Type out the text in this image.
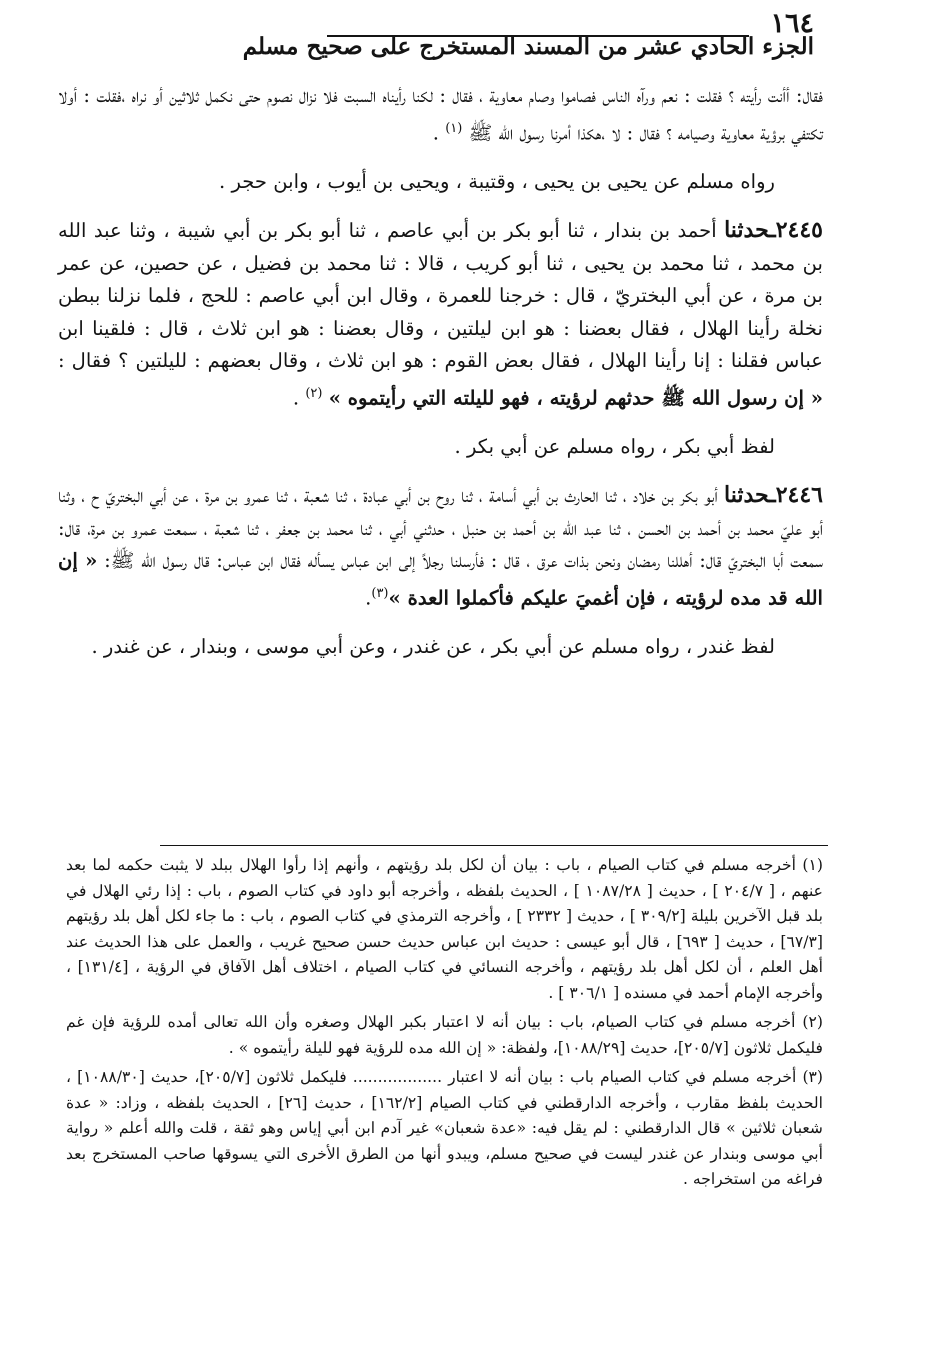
١٦٤
الجزء الحادي عشر من المسند المستخرج على صحيح مسلم

فقال: أأنت رأيته ؟ فقلت : نعم ورآه الناس فصاموا وصام معاوية ، فقال : لكنا رأيناه السبت فلا نزال نصوم حتى نكمل ثلاثين أو نراه ،فقلت : أولا تكتفي برؤية معاوية وصيامه ؟ فقال : لا ،هكذا أمرنا رسول الله ﷺ $^{(١)}$ .

رواه مسلم عن يحيى بن يحيى ، وقتيبة ، ويحيى بن أيوب ، وابن حجر .

٢٤٤٥ـحدثنا أحمد بن بندار ، ثنا أبو بكر بن أبي عاصم ، ثنا أبو بكر بن أبي شيبة ، وثنا عبد الله بن محمد ، ثنا محمد بن يحيى ، ثنا أبو كريب ، قالا : ثنا محمد بن فضيل ، عن حصين، عن عمر بن مرة ، عن أبي البختريّ ، قال : خرجنا للعمرة ، وقال ابن أبي عاصم : للحج ، فلما نزلنا ببطن نخلة رأينا الهلال ، فقال بعضنا : هو ابن ليلتين ، وقال بعضنا : هو ابن ثلاث ، قال : فلقينا ابن عباس فقلنا : إنا رأينا الهلال ، فقال بعض القوم : هو ابن ثلاث ، وقال بعضهم : لليلتين ؟ فقال : « إن رسول الله ﷺ حدثهم لرؤيته ، فهو لليلته التي رأيتموه » $^{(٢)}$ .

لفظ أبي بكر ، رواه مسلم عن أبي بكر .

٢٤٤٦ـحدثنا أبو بكر بن خلاد ، ثنا الحارث بن أبي أسامة ، ثنا روح بن أبي عبادة ، ثنا شعبة ، ثنا عمرو بن مرة ، عن أبي البختريّ ح ، وثنا أبو عليّ محمد بن أحمد بن الحسن ، ثنا عبد الله بن أحمد بن حنبل ، حدثني أبي ، ثنا محمد بن جعفر ، ثنا شعبة ، سمعت عمرو بن مرة، قال: سمعت أبا البختريّ قال: أهللنا رمضان ونحن بذات عرق ، قال : فأرسلنا رجلاً إلى ابن عباس يسأله فقال ابن عباس: قال رسول الله ﷺ: « إن الله قد مده لرؤيته ، فإن أغميَ عليكم فأكملوا العدة »$^{(٣)}$.

لفظ غندر ، رواه مسلم عن أبي بكر ، عن غندر ، وعن أبي موسى ، وبندار ، عن غندر .

(١) أخرجه مسلم في كتاب الصيام ، باب : بيان أن لكل بلد رؤيتهم ، وأنهم إذا رأوا الهلال ببلد لا يثبت حكمه لما بعد عنهم ، [ ٢٠٤/٧ ] ، حديث [ ١٠٨٧/٢٨ ] ، الحديث بلفظه ، وأخرجه أبو داود في كتاب الصوم ، باب : إذا رئي الهلال في بلد قبل الآخرين بليلة [٣٠٩/٢ ] ، حديث [ ٢٣٣٢ ] ، وأخرجه الترمذي في كتاب الصوم ، باب : ما جاء لكل أهل بلد رؤيتهم [٦٧/٣] ، حديث [ ٦٩٣] ، قال أبو عيسى : حديث ابن عباس حديث حسن صحيح غريب ، والعمل على هذا الحديث عند أهل العلم ، أن لكل أهل بلد رؤيتهم ، وأخرجه النسائي في كتاب الصيام ، اختلاف أهل الآفاق في الرؤية ، [١٣١/٤] ، وأخرجه الإمام أحمد في مسنده [ ٣٠٦/١ ] .

(٢) أخرجه مسلم في كتاب الصيام، باب : بيان أنه لا اعتبار بكبر الهلال وصغره وأن الله تعالى أمده للرؤية فإن غم فليكمل ثلاثون [٢٠٥/٧]، حديث [١٠٨٨/٢٩]، ولفظة: « إن الله مده للرؤية فهو لليلة رأيتموه » .

(٣) أخرجه مسلم في كتاب الصيام باب : بيان أنه لا اعتبار .................. فليكمل ثلاثون [٢٠٥/٧]، حديث [١٠٨٨/٣٠] ، الحديث بلفظ مقارب ، وأخرجه الدارقطني في كتاب الصيام [١٦٢/٢] ، حديث [٢٦] ، الحديث بلفظه ، وزاد: « عدة شعبان ثلاثين » قال الدارقطني : لم يقل فيه: «عدة شعبان» غير آدم ابن أبي إياس وهو ثقة ، قلت والله أعلم « رواية أبي موسى وبندار عن غندر ليست في صحيح مسلم، ويبدو أنها من الطرق الأخرى التي يسوقها صاحب المستخرج بعد فراغه من استخراجه .
